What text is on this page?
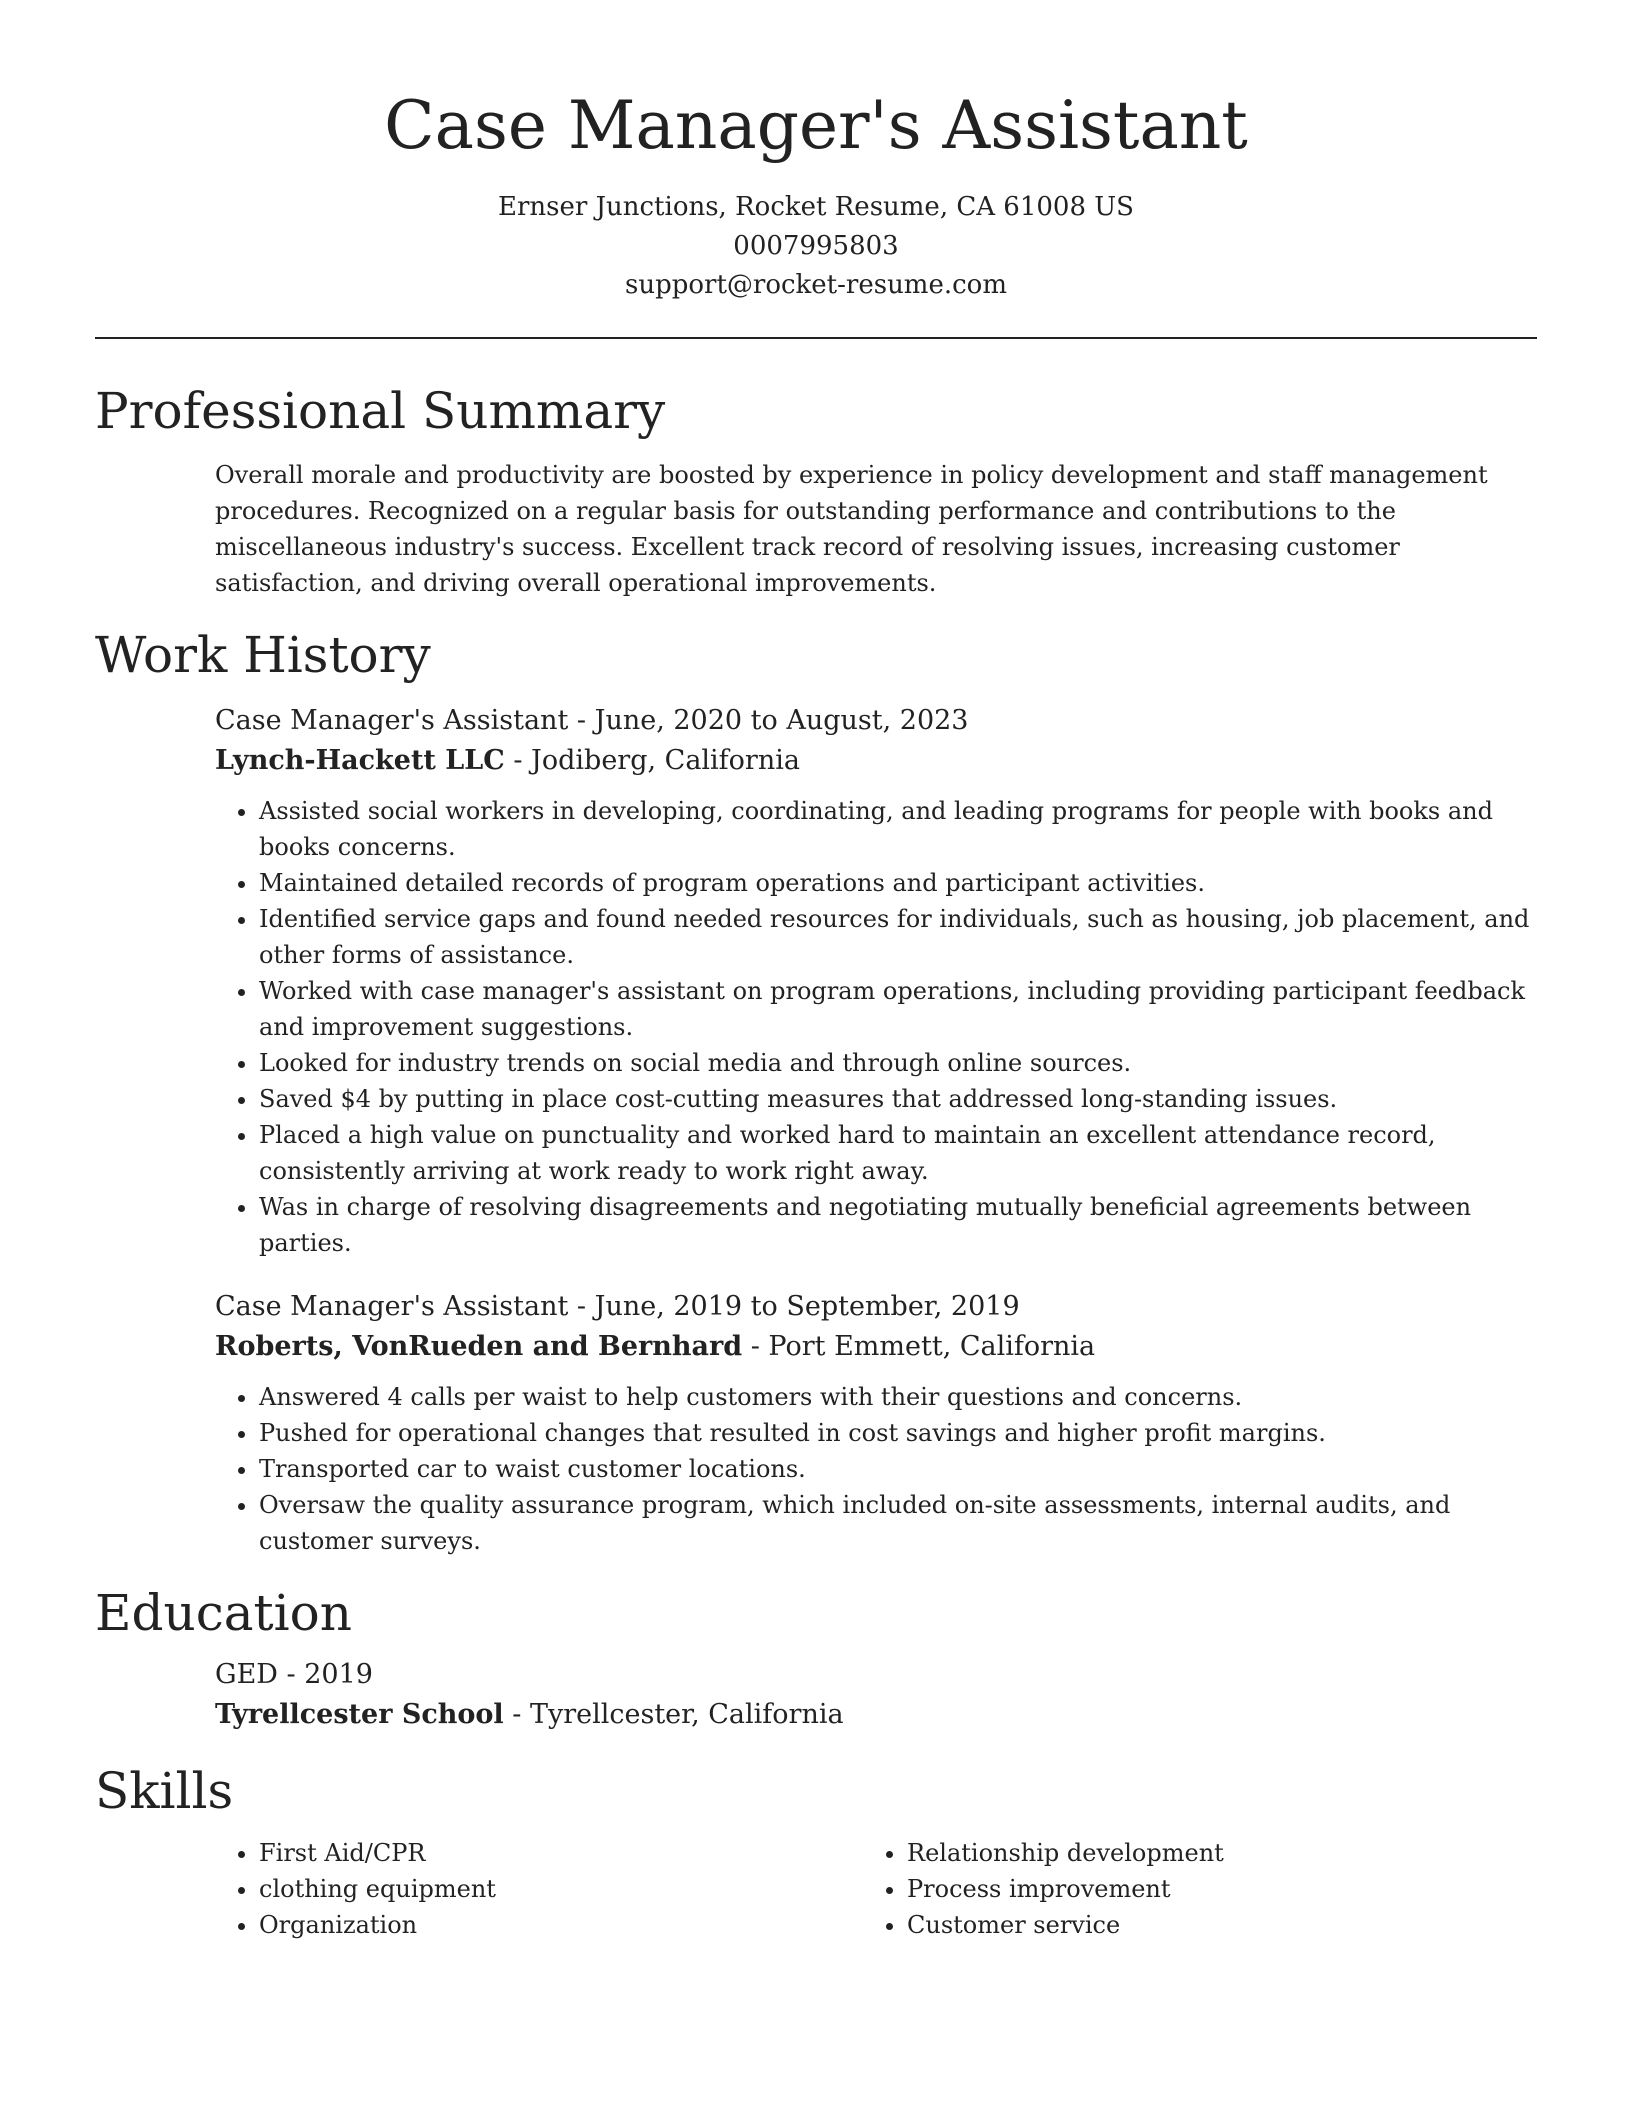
Case Manager's Assistant

Ernser Junctions, Rocket Resume, CA 61008 US

0007995803

support@rocket-resume.com

Professional Summary

Overall morale and productivity are boosted by experience in policy development and staff management procedures. Recognized on a regular basis for outstanding performance and contributions to the miscellaneous industry's success. Excellent track record of resolving issues, increasing customer satisfaction, and driving overall operational improvements.

Work History

Case Manager's Assistant - June, 2020 to August, 2023

Lynch-Hackett LLC - Jodiberg, California

• Assisted social workers in developing, coordinating, and leading programs for people with books and books concerns.
• Maintained detailed records of program operations and participant activities.
• Identified service gaps and found needed resources for individuals, such as housing, job placement, and other forms of assistance.
• Worked with case manager's assistant on program operations, including providing participant feedback and improvement suggestions.
• Looked for industry trends on social media and through online sources.
• Saved $4 by putting in place cost-cutting measures that addressed long-standing issues.
• Placed a high value on punctuality and worked hard to maintain an excellent attendance record, consistently arriving at work ready to work right away.
• Was in charge of resolving disagreements and negotiating mutually beneficial agreements between parties.

Case Manager's Assistant - June, 2019 to September, 2019

Roberts, VonRueden and Bernhard - Port Emmett, California

• Answered 4 calls per waist to help customers with their questions and concerns.
• Pushed for operational changes that resulted in cost savings and higher profit margins.
• Transported car to waist customer locations.
• Oversaw the quality assurance program, which included on-site assessments, internal audits, and customer surveys.
Education

GED - 2019

Tyrellcester School - Tyrellcester, California

Skills
• First Aid/CPR
• clothing equipment
• Organization
• Relationship development
• Process improvement
• Customer service
